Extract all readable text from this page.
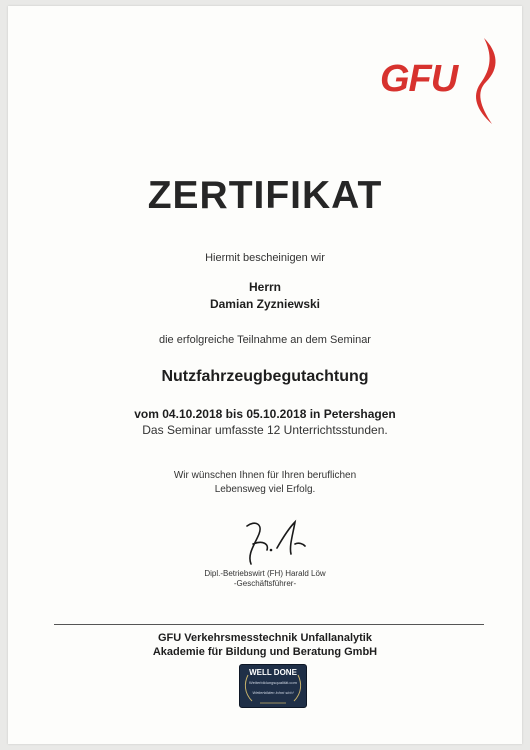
GFU
ZERTIFIKAT
Hiermit bescheinigen wir
Herrn
Damian Zyzniewski
die erfolgreiche Teilnahme an dem Seminar
Nutzfahrzeugbegutachtung
vom 04.10.2018 bis 05.10.2018 in Petershagen
Das Seminar umfasste 12 Unterrichtsstunden.
Wir wünschen Ihnen für Ihren beruflichen
Lebensweg viel Erfolg.
Dipl.-Betriebswirt (FH) Harald Löw
-Geschäftsführer-
GFU Verkehrsmesstechnik Unfallanalytik
Akademie für Bildung und Beratung GmbH
WELL DONE
Weiterbildungsqualität.com
Weiterbilden lohnt sich!
